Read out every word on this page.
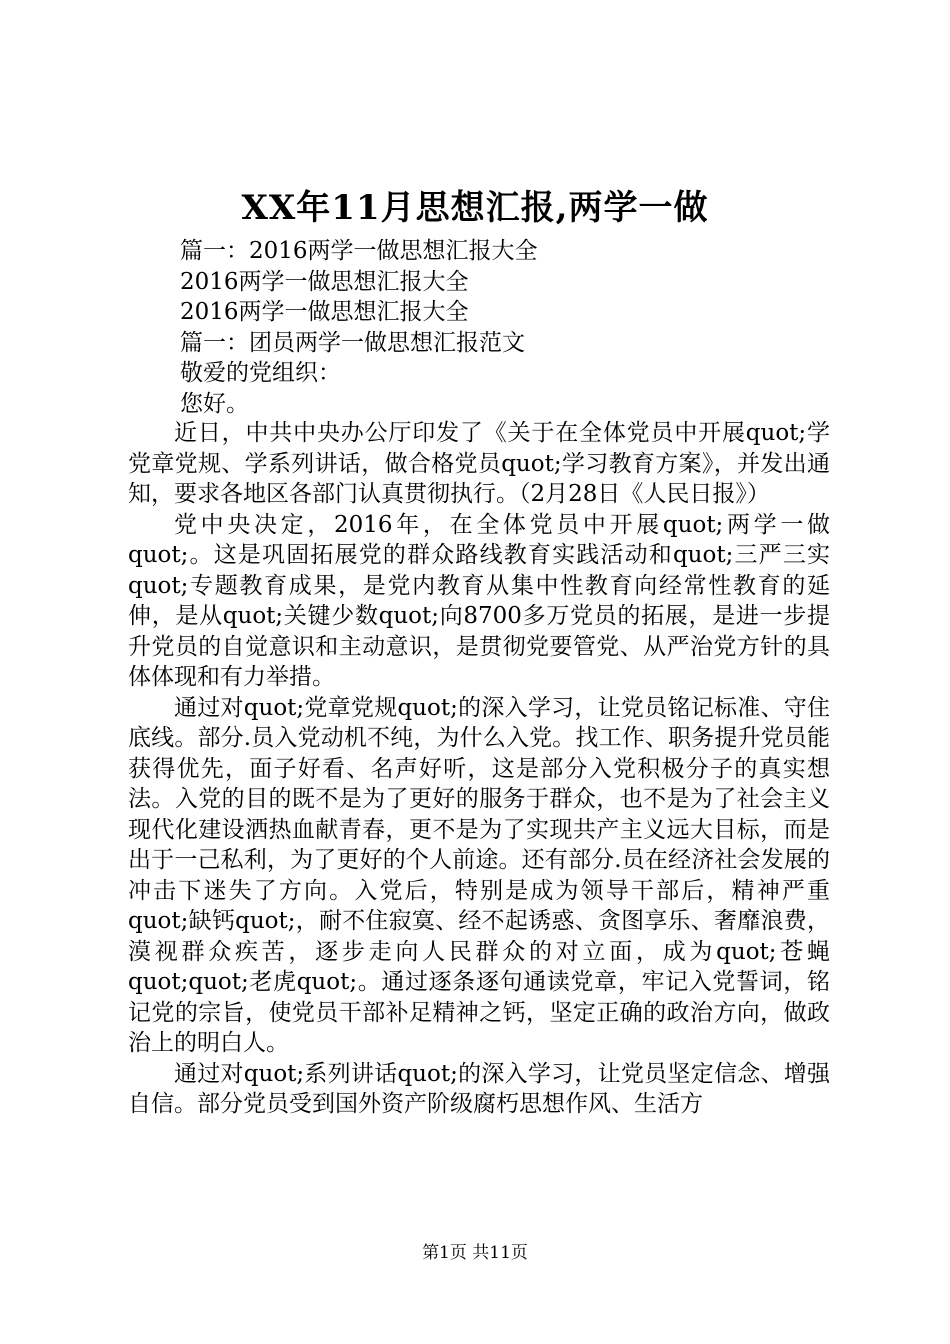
XX年11月思想汇报,两学一做
篇一：2016两学一做思想汇报大全
2016两学一做思想汇报大全
2016两学一做思想汇报大全
篇一：团员两学一做思想汇报范文
敬爱的党组织：
您好。

近日，中共中央办公厅印发了《关于在全体党员中开展quot;学党章党规、学系列讲话，做合格党员quot;学习教育方案》，并发出通知，要求各地区各部门认真贯彻执行。（2月28日《人民日报》）

党中央决定，2016年，在全体党员中开展quot;两学一做quot;。这是巩固拓展党的群众路线教育实践活动和quot;三严三实quot;专题教育成果，是党内教育从集中性教育向经常性教育的延伸，是从quot;关键少数quot;向8700多万党员的拓展，是进一步提升党员的自觉意识和主动意识，是贯彻党要管党、从严治党方针的具体体现和有力举措。

通过对quot;党章党规quot;的深入学习，让党员铭记标准、守住底线。部分.员入党动机不纯，为什么入党。找工作、职务提升党员能获得优先，面子好看、名声好听，这是部分入党积极分子的真实想法。入党的目的既不是为了更好的服务于群众，也不是为了社会主义现代化建设洒热血献青春，更不是为了实现共产主义远大目标，而是出于一己私利，为了更好的个人前途。还有部分.员在经济社会发展的冲击下迷失了方向。入党后，特别是成为领导干部后，精神严重quot;缺钙quot;，耐不住寂寞、经不起诱惑、贪图享乐、奢靡浪费，漠视群众疾苦，逐步走向人民群众的对立面，成为quot;苍蝇quot;quot;老虎quot;。通过逐条逐句通读党章，牢记入党誓词，铭记党的宗旨，使党员干部补足精神之钙，坚定正确的政治方向，做政治上的明白人。

通过对quot;系列讲话quot;的深入学习，让党员坚定信念、增强自信。部分党员受到国外资产阶级腐朽思想作风、生活方

第1页 共11页
